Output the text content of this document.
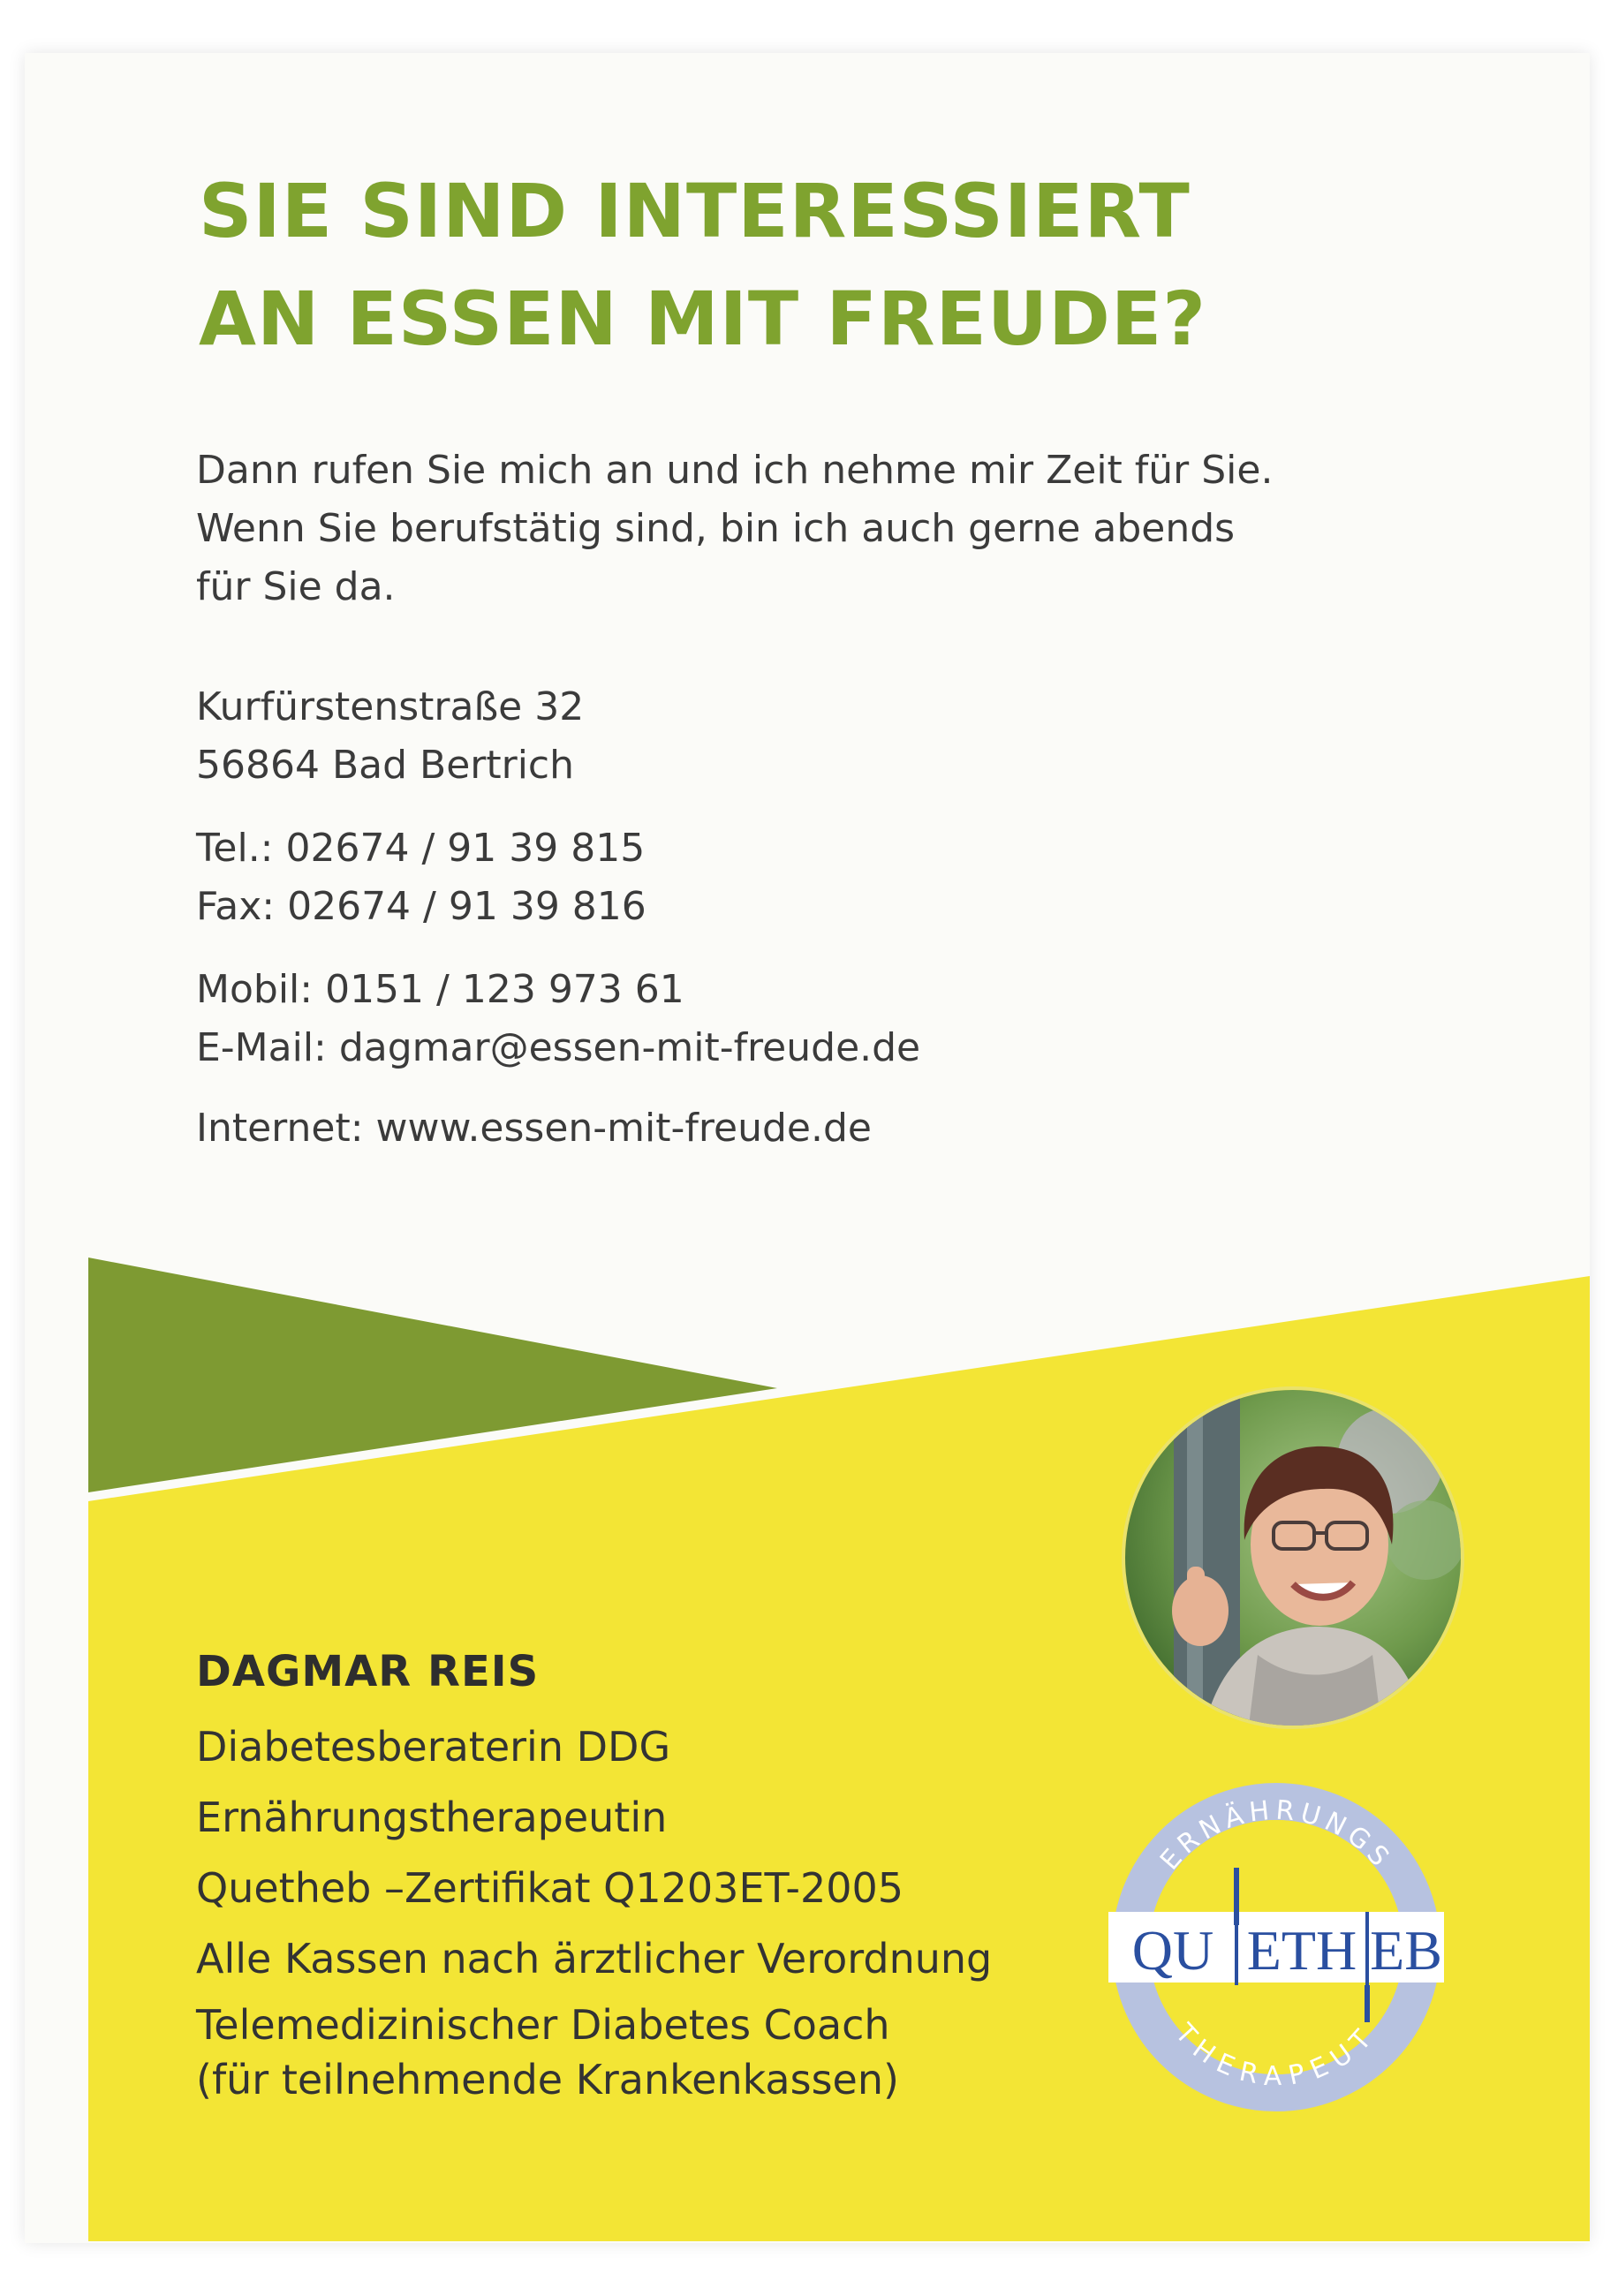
SIE SIND INTERESSIERT
AN ESSEN MIT FREUDE?
Dann rufen Sie mich an und ich nehme mir Zeit für Sie.
Wenn Sie berufstätig sind, bin ich auch gerne abends
für Sie da.
Kurfürstenstraße 32
56864 Bad Bertrich
Tel.: 02674 / 91 39 815
Fax: 02674 / 91 39 816
Mobil: 0151 / 123 973 61
E-Mail: dagmar@essen-mit-freude.de
Internet: www.essen-mit-freude.de
DAGMAR REIS
Diabetesberaterin DDG
Ernährungstherapeutin
Quetheb –Zertifikat Q1203ET-2005
Alle Kassen nach ärztlicher Verordnung
Telemedizinischer Diabetes Coach
(für teilnehmende Krankenkassen)
ERNÄHRUNGS
THERAPEUT
QU ETH EB
